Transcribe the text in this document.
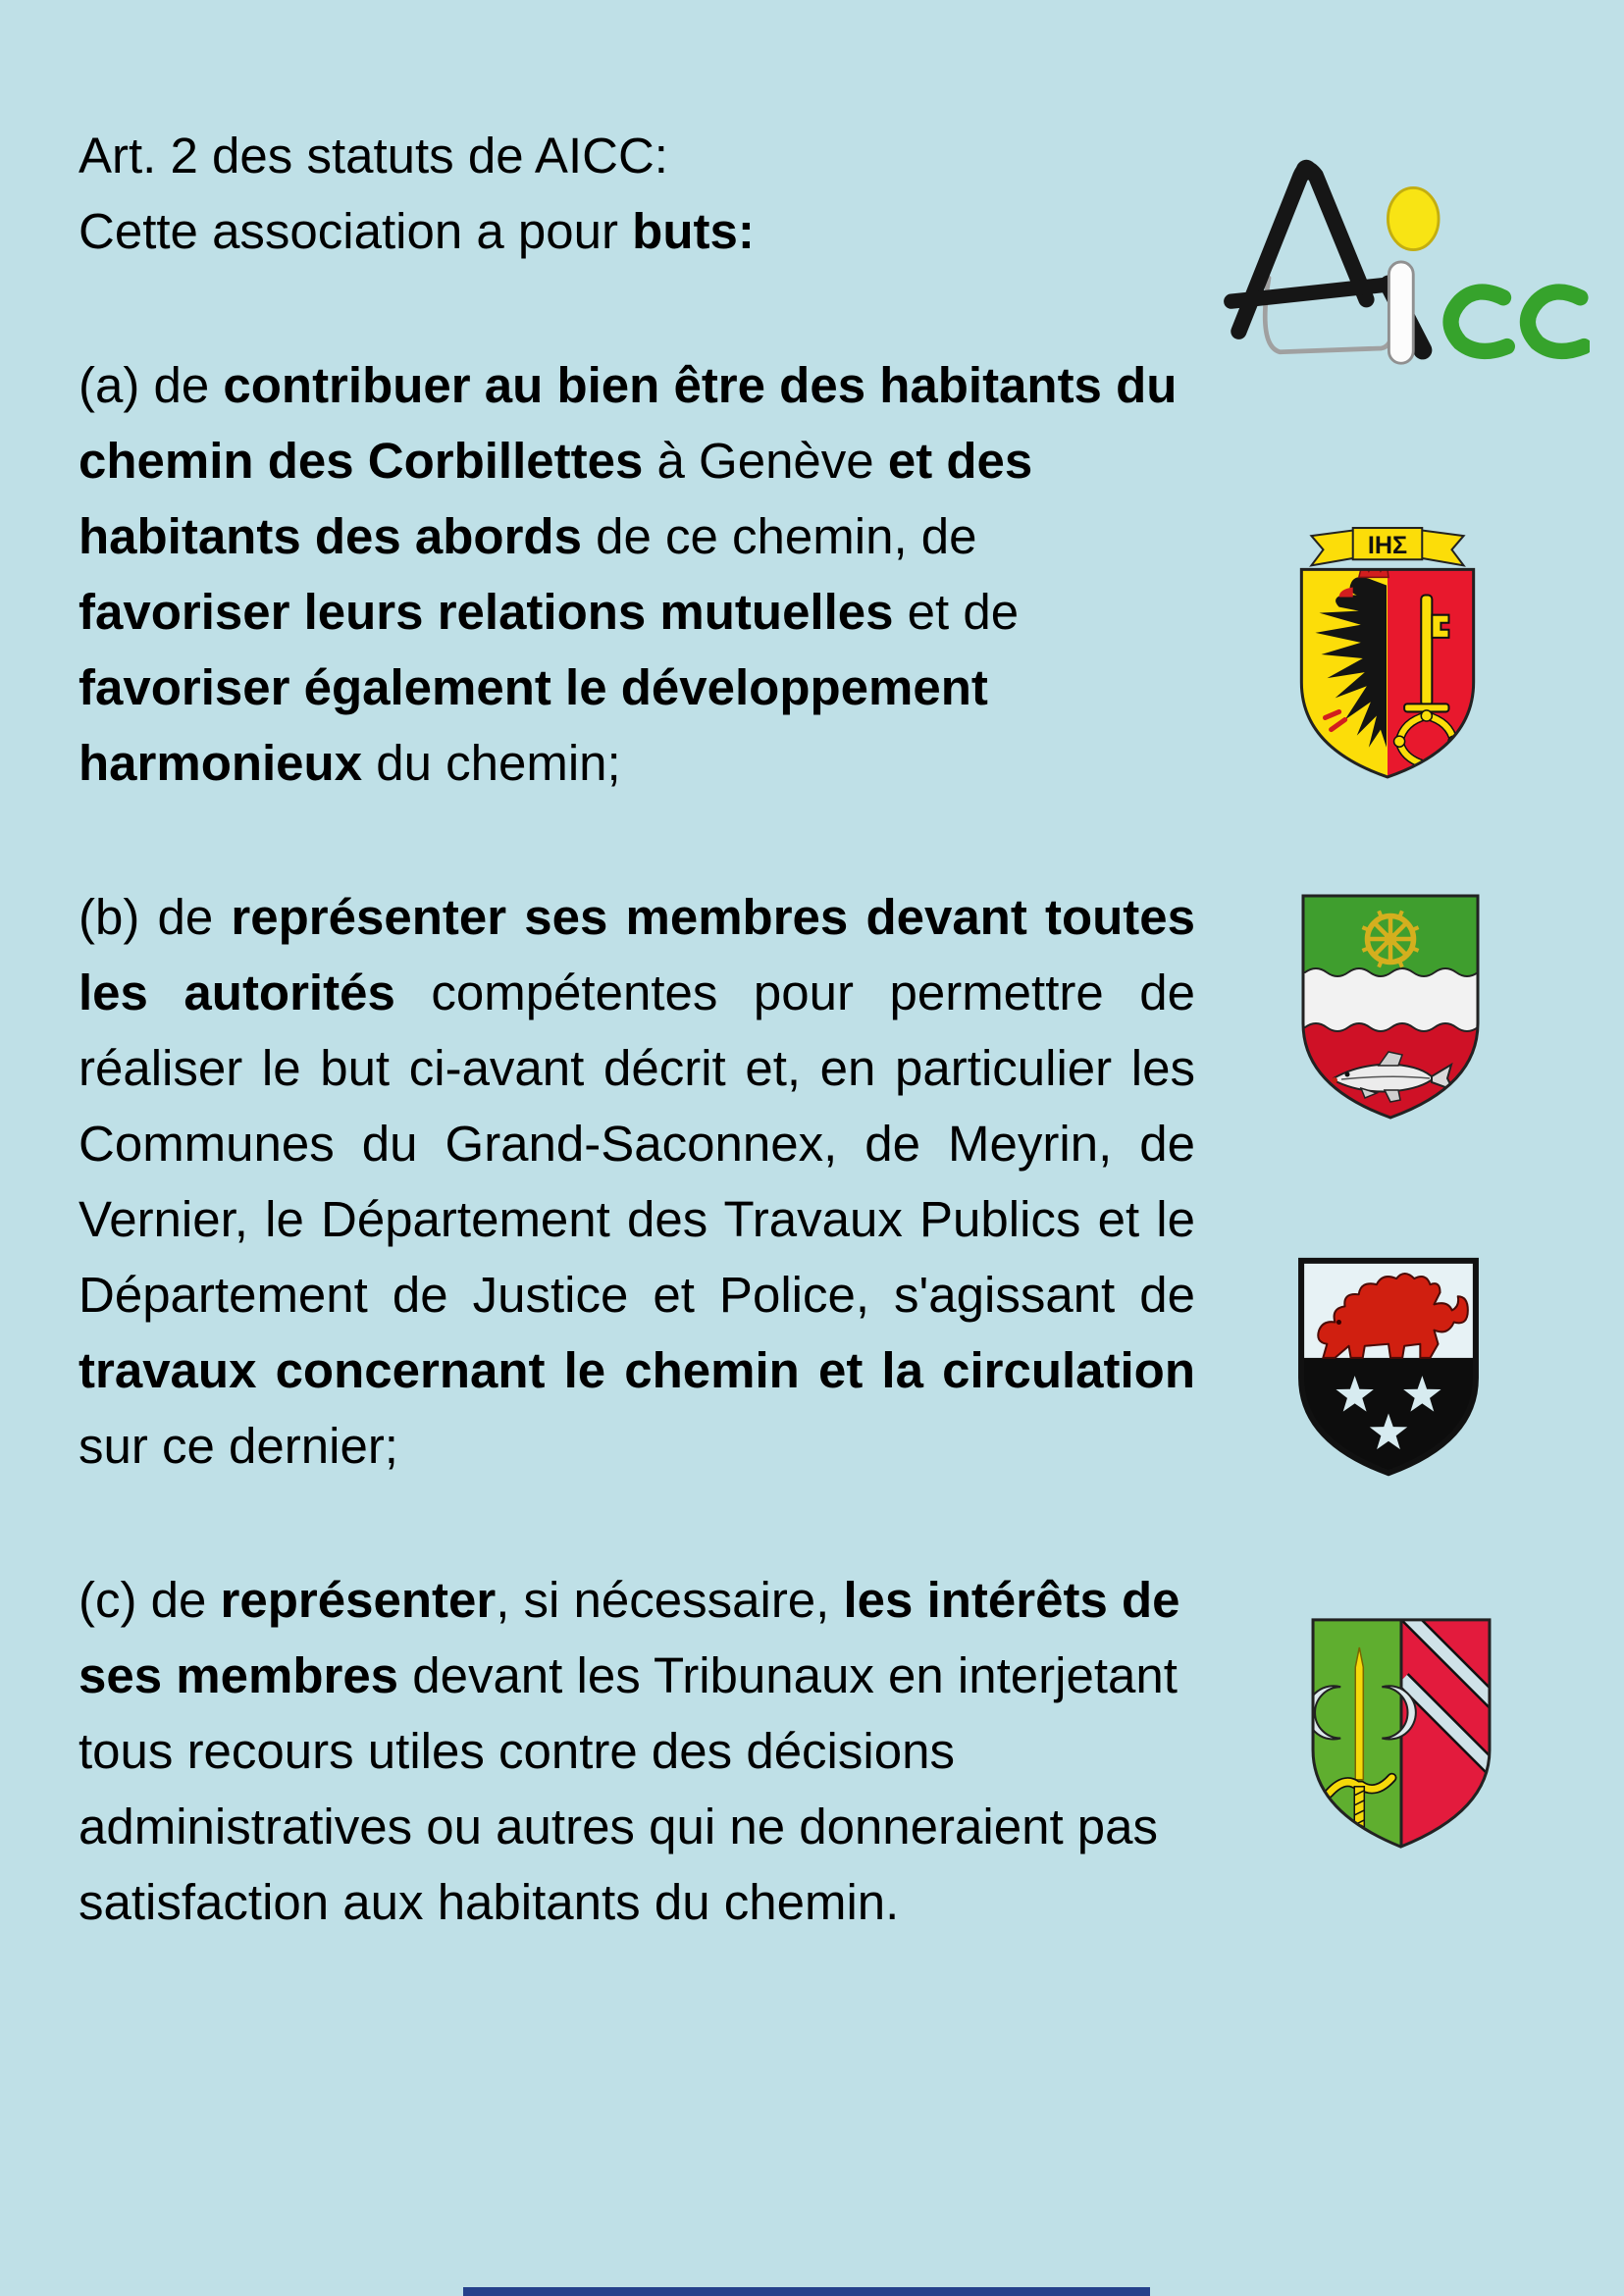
Art. 2 des statuts de AICC:
Cette association a pour buts:

(a) de contribuer au bien être des habitants du chemin des Corbillettes à Genève et des habitants des abords de ce chemin, de favoriser leurs relations mutuelles et de favoriser également le développement harmonieux du chemin;

(b) de représenter ses membres devant toutes les autorités compétentes pour permettre de réaliser le but ci-avant décrit et, en particulier les Communes du Grand-Saconnex, de Meyrin, de Vernier, le Département des Travaux Publics et le Département de Justice et Police, s'agissant de travaux concernant le chemin et la circulation sur ce dernier;

(c) de représenter, si nécessaire, les intérêts de ses membres devant les Tribunaux en interjetant tous recours utiles contre des décisions administratives ou autres qui ne donneraient pas satisfaction aux habitants du chemin.

IHΣ
